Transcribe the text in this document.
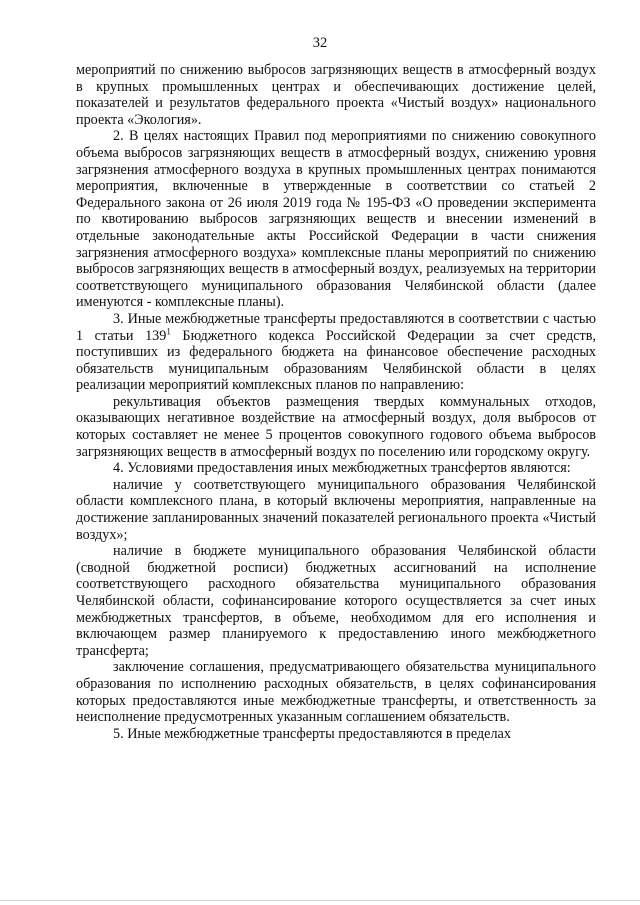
32

мероприятий по снижению выбросов загрязняющих веществ в атмосферный воздух в крупных промышленных центрах и обеспечивающих достижение целей, показателей и результатов федерального проекта «Чистый воздух» национального проекта «Экология».

2. В целях настоящих Правил под мероприятиями по снижению совокупного объема выбросов загрязняющих веществ в атмосферный воздух, снижению уровня загрязнения атмосферного воздуха в крупных промышленных центрах понимаются мероприятия, включенные в утвержденные в соответствии со статьей 2 Федерального закона от 26 июля 2019 года № 195-ФЗ «О проведении эксперимента по квотированию выбросов загрязняющих веществ и внесении изменений в отдельные законодательные акты Российской Федерации в части снижения загрязнения атмосферного воздуха» комплексные планы мероприятий по снижению выбросов загрязняющих веществ в атмосферный воздух, реализуемых на территории соответствующего муниципального образования Челябинской области (далее именуются - комплексные планы).

3. Иные межбюджетные трансферты предоставляются в соответствии с частью 1 статьи $139^1$ Бюджетного кодекса Российской Федерации за счет средств, поступивших из федерального бюджета на финансовое обеспечение расходных обязательств муниципальным образованиям Челябинской области в целях реализации мероприятий комплексных планов по направлению:

рекультивация объектов размещения твердых коммунальных отходов, оказывающих негативное воздействие на атмосферный воздух, доля выбросов от которых составляет не менее 5 процентов совокупного годового объема выбросов загрязняющих веществ в атмосферный воздух по поселению или городскому округу.

4. Условиями предоставления иных межбюджетных трансфертов являются:

наличие у соответствующего муниципального образования Челябинской области комплексного плана, в который включены мероприятия, направленные на достижение запланированных значений показателей регионального проекта «Чистый воздух»;

наличие в бюджете муниципального образования Челябинской области (сводной бюджетной росписи) бюджетных ассигнований на исполнение соответствующего расходного обязательства муниципального образования Челябинской области, софинансирование которого осуществляется за счет иных межбюджетных трансфертов, в объеме, необходимом для его исполнения и включающем размер планируемого к предоставлению иного межбюджетного трансферта;

заключение соглашения, предусматривающего обязательства муниципального образования по исполнению расходных обязательств, в целях софинансирования которых предоставляются иные межбюджетные трансферты, и ответственность за неисполнение предусмотренных указанным соглашением обязательств.

5. Иные межбюджетные трансферты предоставляются в пределах
